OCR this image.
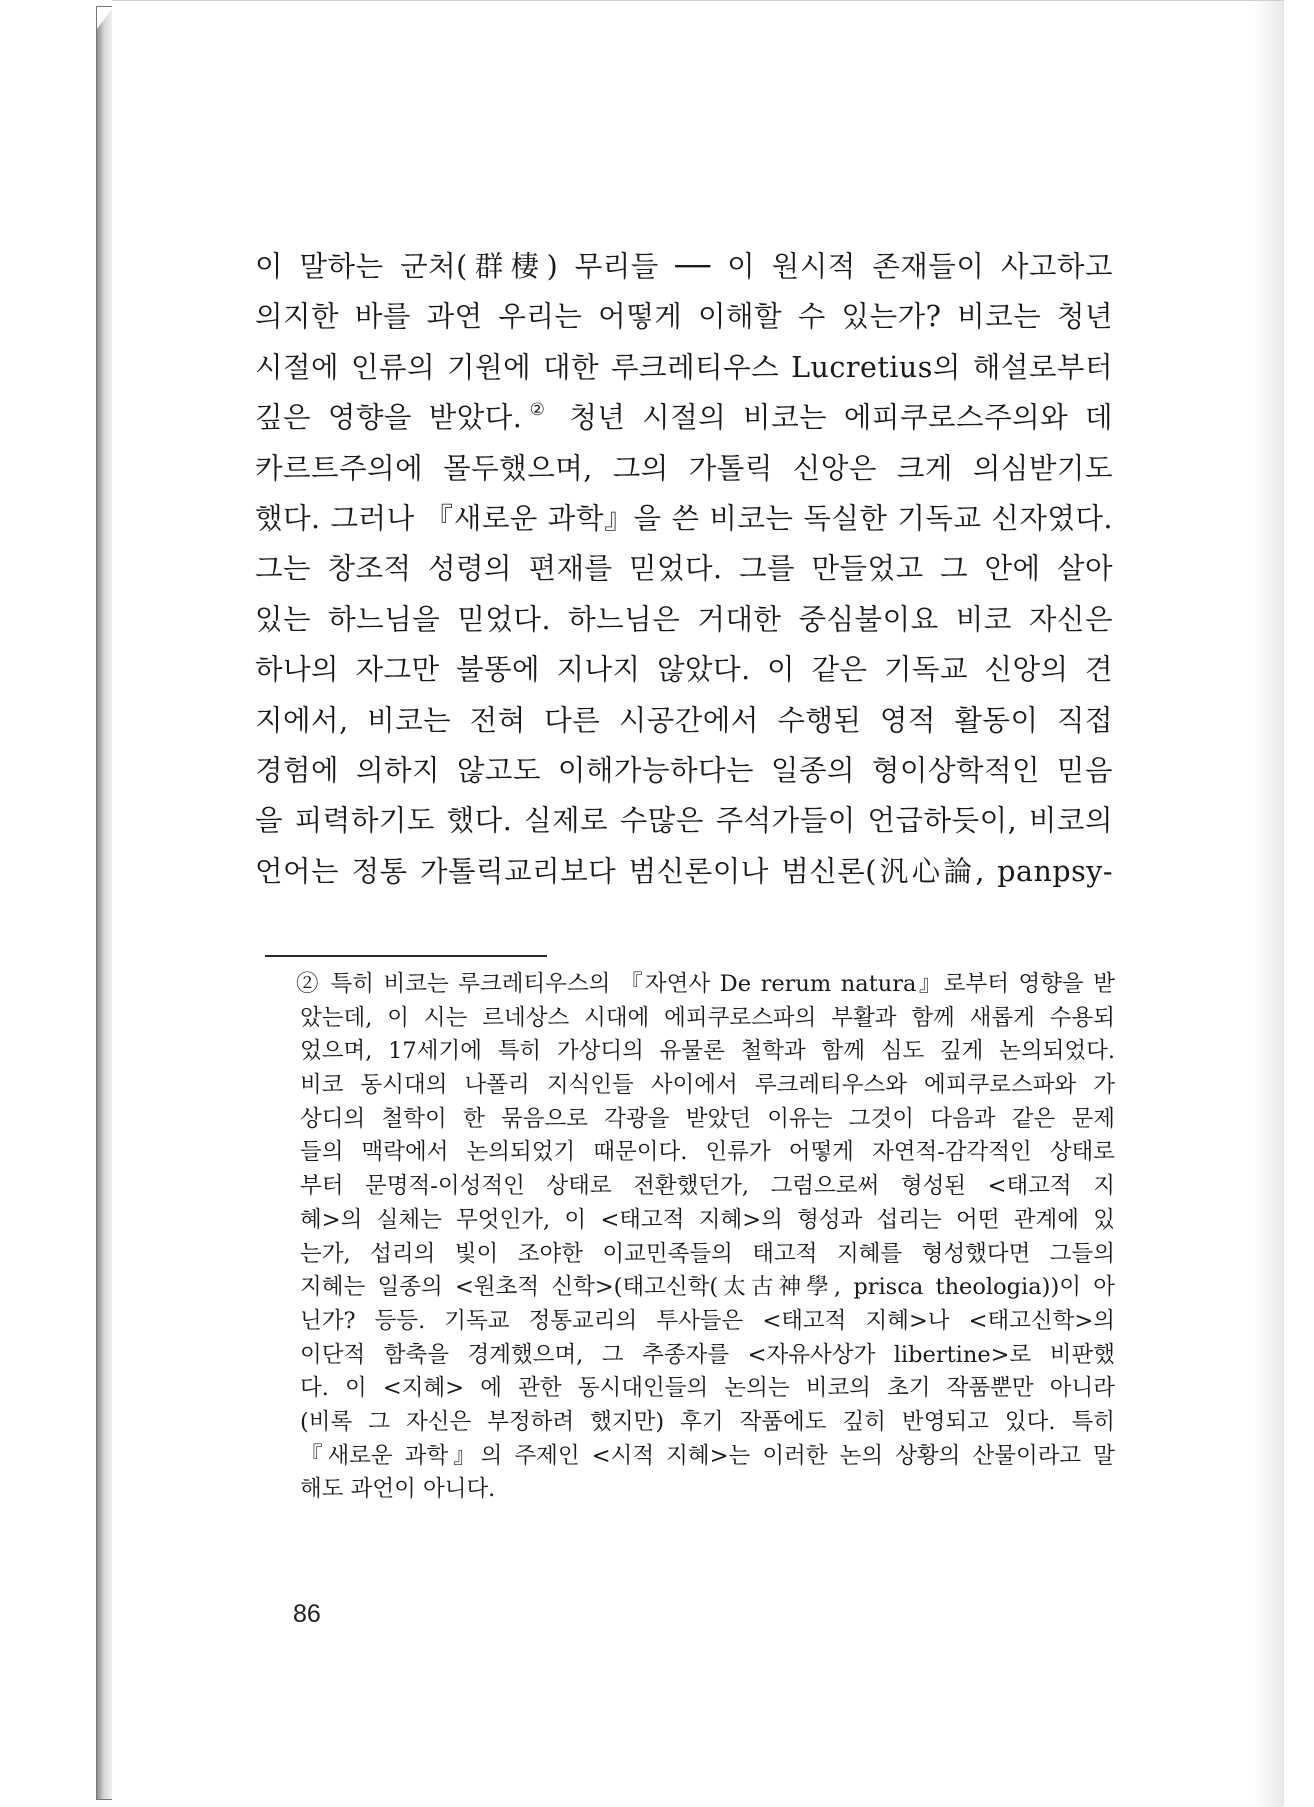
이 말하는 군처(群棲) 무리들 ── 이 원시적 존재들이 사고하고
의지한 바를 과연 우리는 어떻게 이해할 수 있는가? 비코는 청년
시절에 인류의 기원에 대한 루크레티우스 Lucretius의 해설로부터
깊은 영향을 받았다.② 청년 시절의 비코는 에피쿠로스주의와 데
카르트주의에 몰두했으며, 그의 가톨릭 신앙은 크게 의심받기도
했다. 그러나 『새로운 과학』을 쓴 비코는 독실한 기독교 신자였다.
그는 창조적 성령의 편재를 믿었다. 그를 만들었고 그 안에 살아
있는 하느님을 믿었다. 하느님은 거대한 중심불이요 비코 자신은
하나의 자그만 불똥에 지나지 않았다. 이 같은 기독교 신앙의 견
지에서, 비코는 전혀 다른 시공간에서 수행된 영적 활동이 직접
경험에 의하지 않고도 이해가능하다는 일종의 형이상학적인 믿음
을 피력하기도 했다. 실제로 수많은 주석가들이 언급하듯이, 비코의
언어는 정통 가톨릭교리보다 범신론이나 범신론(汎心論, panpsy-
② 특히 비코는 루크레티우스의 『자연사 De rerum natura』로부터 영향을 받
았는데, 이 시는 르네상스 시대에 에피쿠로스파의 부활과 함께 새롭게 수용되
었으며, 17세기에 특히 가상디의 유물론 철학과 함께 심도 깊게 논의되었다.
비코 동시대의 나폴리 지식인들 사이에서 루크레티우스와 에피쿠로스파와 가
상디의 철학이 한 묶음으로 각광을 받았던 이유는 그것이 다음과 같은 문제
들의 맥락에서 논의되었기 때문이다. 인류가 어떻게 자연적-감각적인 상태로
부터 문명적-이성적인 상태로 전환했던가, 그럼으로써 형성된 <태고적 지
혜>의 실체는 무엇인가, 이 <태고적 지혜>의 형성과 섭리는 어떤 관계에 있
는가, 섭리의 빛이 조야한 이교민족들의 태고적 지혜를 형성했다면 그들의
지혜는 일종의 <원초적 신학>(태고신학(太古神學, prisca theologia))이 아
닌가? 등등. 기독교 정통교리의 투사들은 <태고적 지혜>나 <태고신학>의
이단적 함축을 경계했으며, 그 추종자를 <자유사상가 libertine>로 비판했
다. 이 <지혜> 에 관한 동시대인들의 논의는 비코의 초기 작품뿐만 아니라
(비록 그 자신은 부정하려 했지만) 후기 작품에도 깊히 반영되고 있다. 특히
『새로운 과학』의 주제인 <시적 지혜>는 이러한 논의 상황의 산물이라고 말
해도 과언이 아니다.
86
